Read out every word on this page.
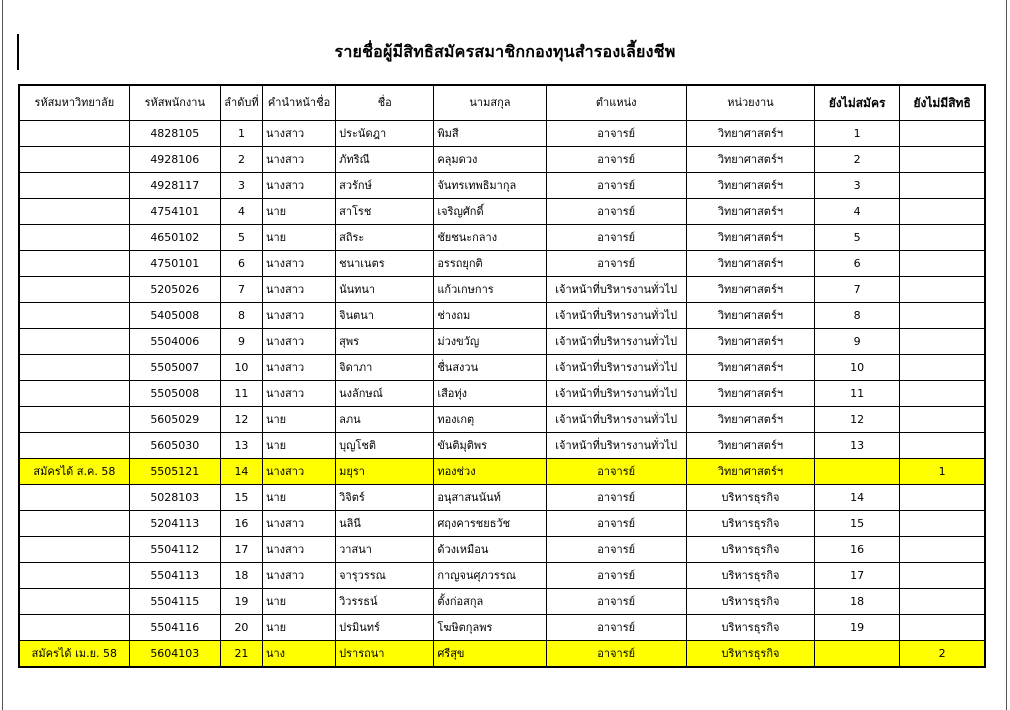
รายชื่อผู้มีสิทธิสมัครสมาชิกกองทุนสำรองเลี้ยงชีพ
รหัสมหาวิทยาลัย	รหัสพนักงาน	ลำดับที่	คำนำหน้าชื่อ	ชื่อ	นามสกุล	ตำแหน่ง	หน่วยงาน	ยังไม่สมัคร	ยังไม่มีสิทธิ
	4828105	1	นางสาว	ประนัดฎา	พิมสี	อาจารย์	วิทยาศาสตร์ฯ	1	
	4928106	2	นางสาว	ภัทริณี	คลุมดวง	อาจารย์	วิทยาศาสตร์ฯ	2	
	4928117	3	นางสาว	สวรักษ์	จันทรเทพธิมากุล	อาจารย์	วิทยาศาสตร์ฯ	3	
	4754101	4	นาย	สาโรช	เจริญศักดิ์	อาจารย์	วิทยาศาสตร์ฯ	4	
	4650102	5	นาย	สถิระ	ชัยชนะกลาง	อาจารย์	วิทยาศาสตร์ฯ	5	
	4750101	6	นางสาว	ชนาเนตร	อรรถยุกติ	อาจารย์	วิทยาศาสตร์ฯ	6	
	5205026	7	นางสาว	นันทนา	แก้วเกษการ	เจ้าหน้าที่บริหารงานทั่วไป	วิทยาศาสตร์ฯ	7	
	5405008	8	นางสาว	จินตนา	ช่างถม	เจ้าหน้าที่บริหารงานทั่วไป	วิทยาศาสตร์ฯ	8	
	5504006	9	นางสาว	สุพร	ม่วงขวัญ	เจ้าหน้าที่บริหารงานทั่วไป	วิทยาศาสตร์ฯ	9	
	5505007	10	นางสาว	จิดาภา	ชื่นสงวน	เจ้าหน้าที่บริหารงานทั่วไป	วิทยาศาสตร์ฯ	10	
	5505008	11	นางสาว	นงลักษณ์	เสือทุ่ง	เจ้าหน้าที่บริหารงานทั่วไป	วิทยาศาสตร์ฯ	11	
	5605029	12	นาย	ลภน	ทองเกตุ	เจ้าหน้าที่บริหารงานทั่วไป	วิทยาศาสตร์ฯ	12	
	5605030	13	นาย	บุญโชติ	ขันติมุติพร	เจ้าหน้าที่บริหารงานทั่วไป	วิทยาศาสตร์ฯ	13	
สมัครได้ ส.ค. 58	5505121	14	นางสาว	มยุรา	ทองช่วง	อาจารย์	วิทยาศาสตร์ฯ		1
	5028103	15	นาย	วิจิตร์	อนุสาสนนันท์	อาจารย์	บริหารธุรกิจ	14	
	5204113	16	นางสาว	นลินี	ศฤงคารชยธวัช	อาจารย์	บริหารธุรกิจ	15	
	5504112	17	นางสาว	วาสนา	ด้วงเหมือน	อาจารย์	บริหารธุรกิจ	16	
	5504113	18	นางสาว	จารุวรรณ	กาญจนศุภวรรณ	อาจารย์	บริหารธุรกิจ	17	
	5504115	19	นาย	วิวรรธน์	ตั้งก่อสกุล	อาจารย์	บริหารธุรกิจ	18	
	5504116	20	นาย	ปรมินทร์	โฆษิตกุลพร	อาจารย์	บริหารธุรกิจ	19	
สมัครได้ เม.ย. 58	5604103	21	นาง	ปรารถนา	ศรีสุข	อาจารย์	บริหารธุรกิจ		2
